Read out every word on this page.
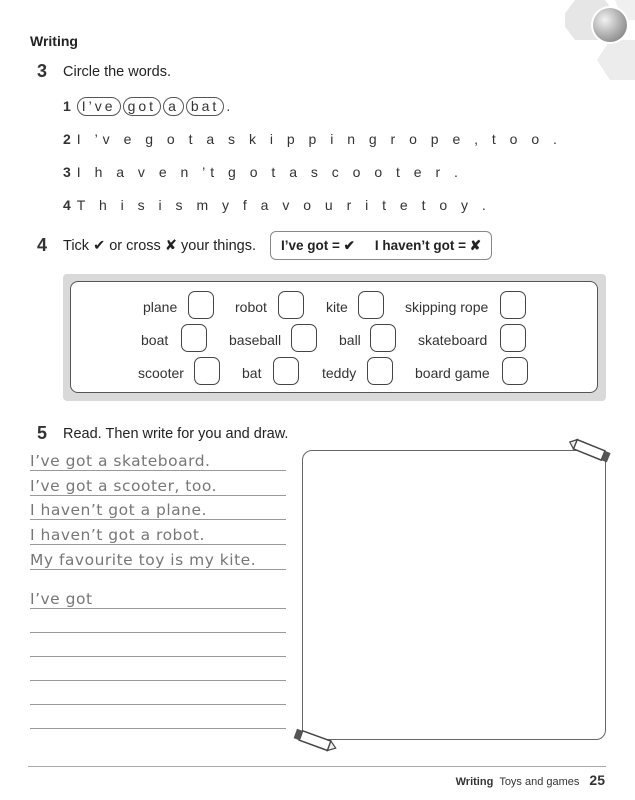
Writing
3 Circle the words.
1 I’ve got a bat .
2 I ’v e g o t a s k i p p i n g r o p e , t o o .
3 I h a v e n ’t g o t a s c o o t e r .
4 T h i s i s m y f a v o u r i t e t o y .
4 Tick ✔ or cross ✘ your things. I’ve got = ✔ I haven’t got = ✘
plane	robot	kite	skipping rope
boat	baseball	ball	skateboard
scooter	bat	teddy	board game
5 Read. Then write for you and draw.
I’ve got a skateboard.
I’ve got a scooter, too.
I haven’t got a plane.
I haven’t got a robot.
My favourite toy is my kite.
I’ve got
Writing Toys and games 25
